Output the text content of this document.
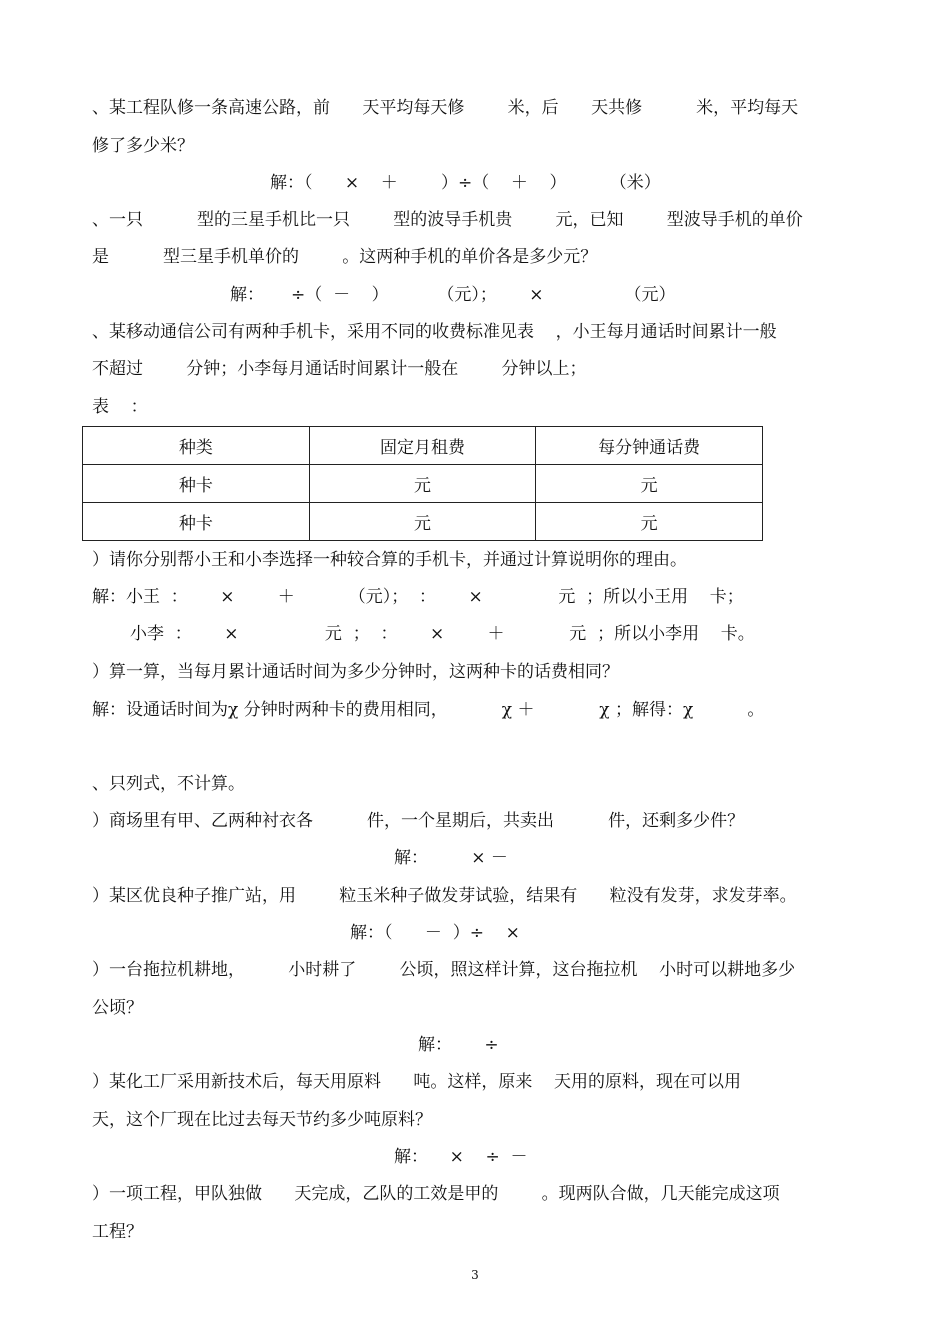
、某工程队修一条高速公路，前      天平均每天修        米，后      天共修          米，平均每天
修了多少米？
解：（      ×    ＋        ）÷（    ＋    ）        （米）
、一只          型的三星手机比一只        型的波导手机贵        元，已知        型波导手机的单价
是          型三星手机单价的        。这两种手机的单价各是多少元？
解：     ÷（  －    ）         （元）；      ×               （元）
、某移动通信公司有两种手机卡，采用不同的收费标准见表    ，小王每月通话时间累计一般
不超过        分钟；小李每月通话时间累计一般在        分钟以上；
表    ：
种类	固定月租费	每分钟通话费
种卡	元	元
种卡	元	元
）请你分别帮小王和小李选择一种较合算的手机卡，并通过计算说明你的理由。
解：小王  ：      ×        ＋          （元）；  ：      ×              元  ；所以小王用    卡；
小李  ：      ×                元  ；  ：      ×        ＋            元  ；所以小李用    卡。
）算一算，当每月累计通话时间为多少分钟时，这两种卡的话费相同？
解：设通话时间为χ 分钟时两种卡的费用相同，          χ ＋            χ ；解得：χ          。
、只列式，不计算。
）商场里有甲、乙两种衬衣各          件，一个星期后，共卖出          件，还剩多少件？
解：        × －
）某区优良种子推广站，用        粒玉米种子做发芽试验，结果有      粒没有发芽，求发芽率。
解：（      －  ）÷    ×
）一台拖拉机耕地，        小时耕了        公顷，照这样计算，这台拖拉机    小时可以耕地多少
公顷？
解：      ÷
）某化工厂采用新技术后，每天用原料      吨。这样，原来    天用的原料，现在可以用
天，这个厂现在比过去每天节约多少吨原料？
解：    ×    ÷  －
）一项工程，甲队独做      天完成，乙队的工效是甲的        。现两队合做，几天能完成这项
工程？
3
